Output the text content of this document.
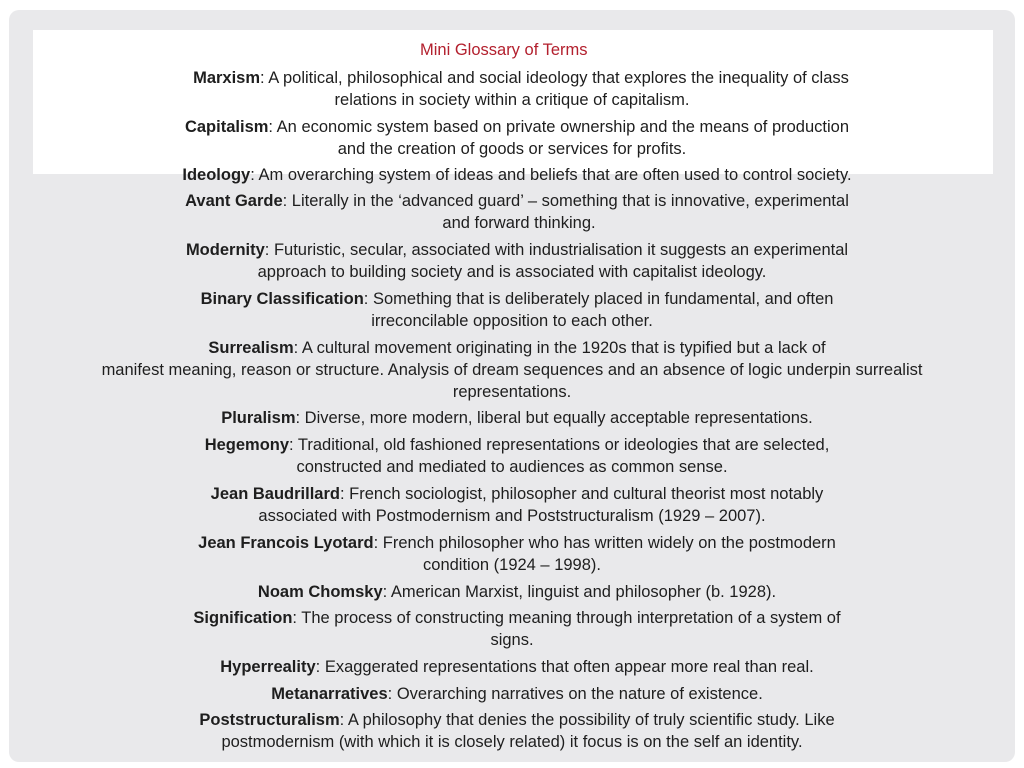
Mini Glossary of Terms
Marxism: A political, philosophical and social ideology that explores the inequality of class
relations in society within a critique of capitalism.
Capitalism: An economic system based on private ownership and the means of production
and the creation of goods or services for profits.
Ideology: Am overarching system of ideas and beliefs that are often used to control society.
Avant Garde: Literally in the ‘advanced guard’ – something that is innovative, experimental
and forward thinking.
Modernity: Futuristic, secular, associated with industrialisation it suggests an experimental
approach to building society and is associated with capitalist ideology.
Binary Classification: Something that is deliberately placed in fundamental, and often
irreconcilable opposition to each other.
Surrealism: A cultural movement originating in the 1920s that is typified but a lack of
manifest meaning, reason or structure. Analysis of dream sequences and an absence of logic underpin surrealist
representations.
Pluralism: Diverse, more modern, liberal but equally acceptable representations.
Hegemony: Traditional, old fashioned representations or ideologies that are selected,
constructed and mediated to audiences as common sense.
Jean Baudrillard: French sociologist, philosopher and cultural theorist most notably
associated with Postmodernism and Poststructuralism (1929 – 2007).
Jean Francois Lyotard: French philosopher who has written widely on the postmodern
condition (1924 – 1998).
Noam Chomsky: American Marxist, linguist and philosopher (b. 1928).
Signification: The process of constructing meaning through interpretation of a system of
signs.
Hyperreality: Exaggerated representations that often appear more real than real.
Metanarratives: Overarching narratives on the nature of existence.
Poststructuralism: A philosophy that denies the possibility of truly scientific study. Like
postmodernism (with which it is closely related) it focus is on the self an identity.
